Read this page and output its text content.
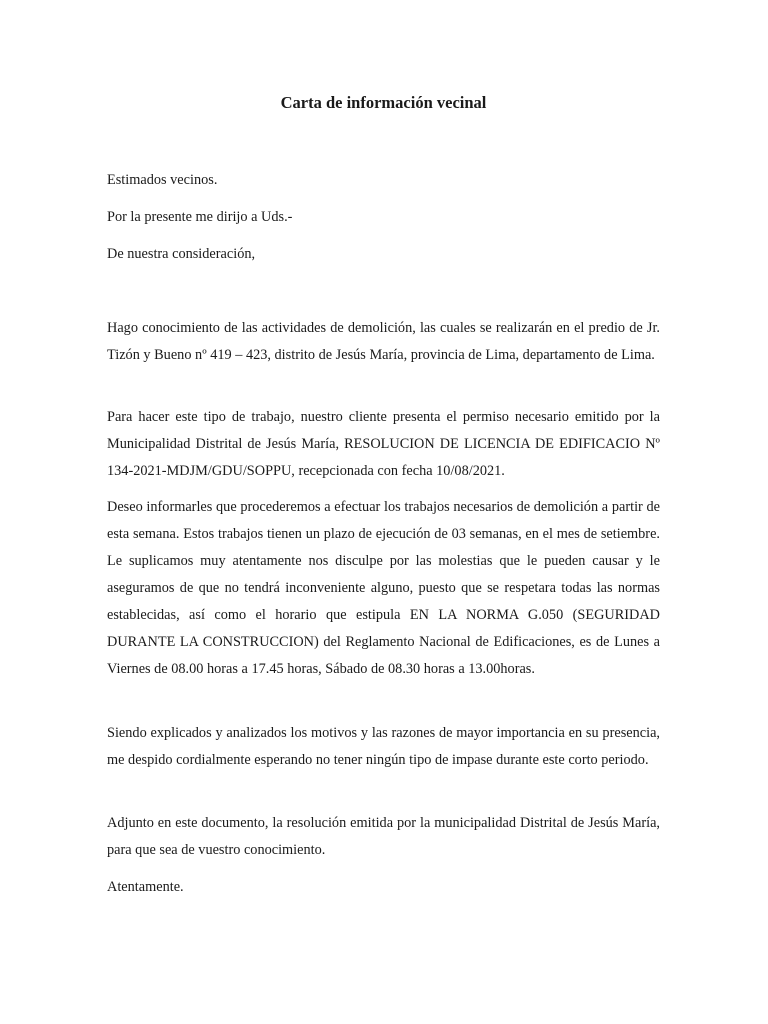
Carta de información vecinal
Estimados vecinos.
Por la presente me dirijo a Uds.-
De nuestra consideración,

Hago conocimiento de las actividades de demolición, las cuales se realizarán en el predio de Jr. Tizón y Bueno nº 419 – 423, distrito de Jesús María, provincia de Lima, departamento de Lima.

Para hacer este tipo de trabajo, nuestro cliente presenta el permiso necesario emitido por la Municipalidad Distrital de Jesús María, RESOLUCION DE LICENCIA DE EDIFICACIO Nº 134-2021-MDJM/GDU/SOPPU, recepcionada con fecha 10/08/2021.

Deseo informarles que procederemos a efectuar los trabajos necesarios de demolición a partir de esta semana. Estos trabajos tienen un plazo de ejecución de 03 semanas, en el mes de setiembre. Le suplicamos muy atentamente nos disculpe por las molestias que le pueden causar y le aseguramos de que no tendrá inconveniente alguno, puesto que se respetara todas las normas establecidas, así como el horario que estipula EN LA NORMA G.050 (SEGURIDAD DURANTE LA CONSTRUCCION) del Reglamento Nacional de Edificaciones, es de Lunes a Viernes de 08.00 horas a 17.45 horas, Sábado de 08.30 horas a 13.00horas.

Siendo explicados y analizados los motivos y las razones de mayor importancia en su presencia, me despido cordialmente esperando no tener ningún tipo de impase durante este corto periodo.

Adjunto en este documento, la resolución emitida por la municipalidad Distrital de Jesús María, para que sea de vuestro conocimiento.

Atentamente.
